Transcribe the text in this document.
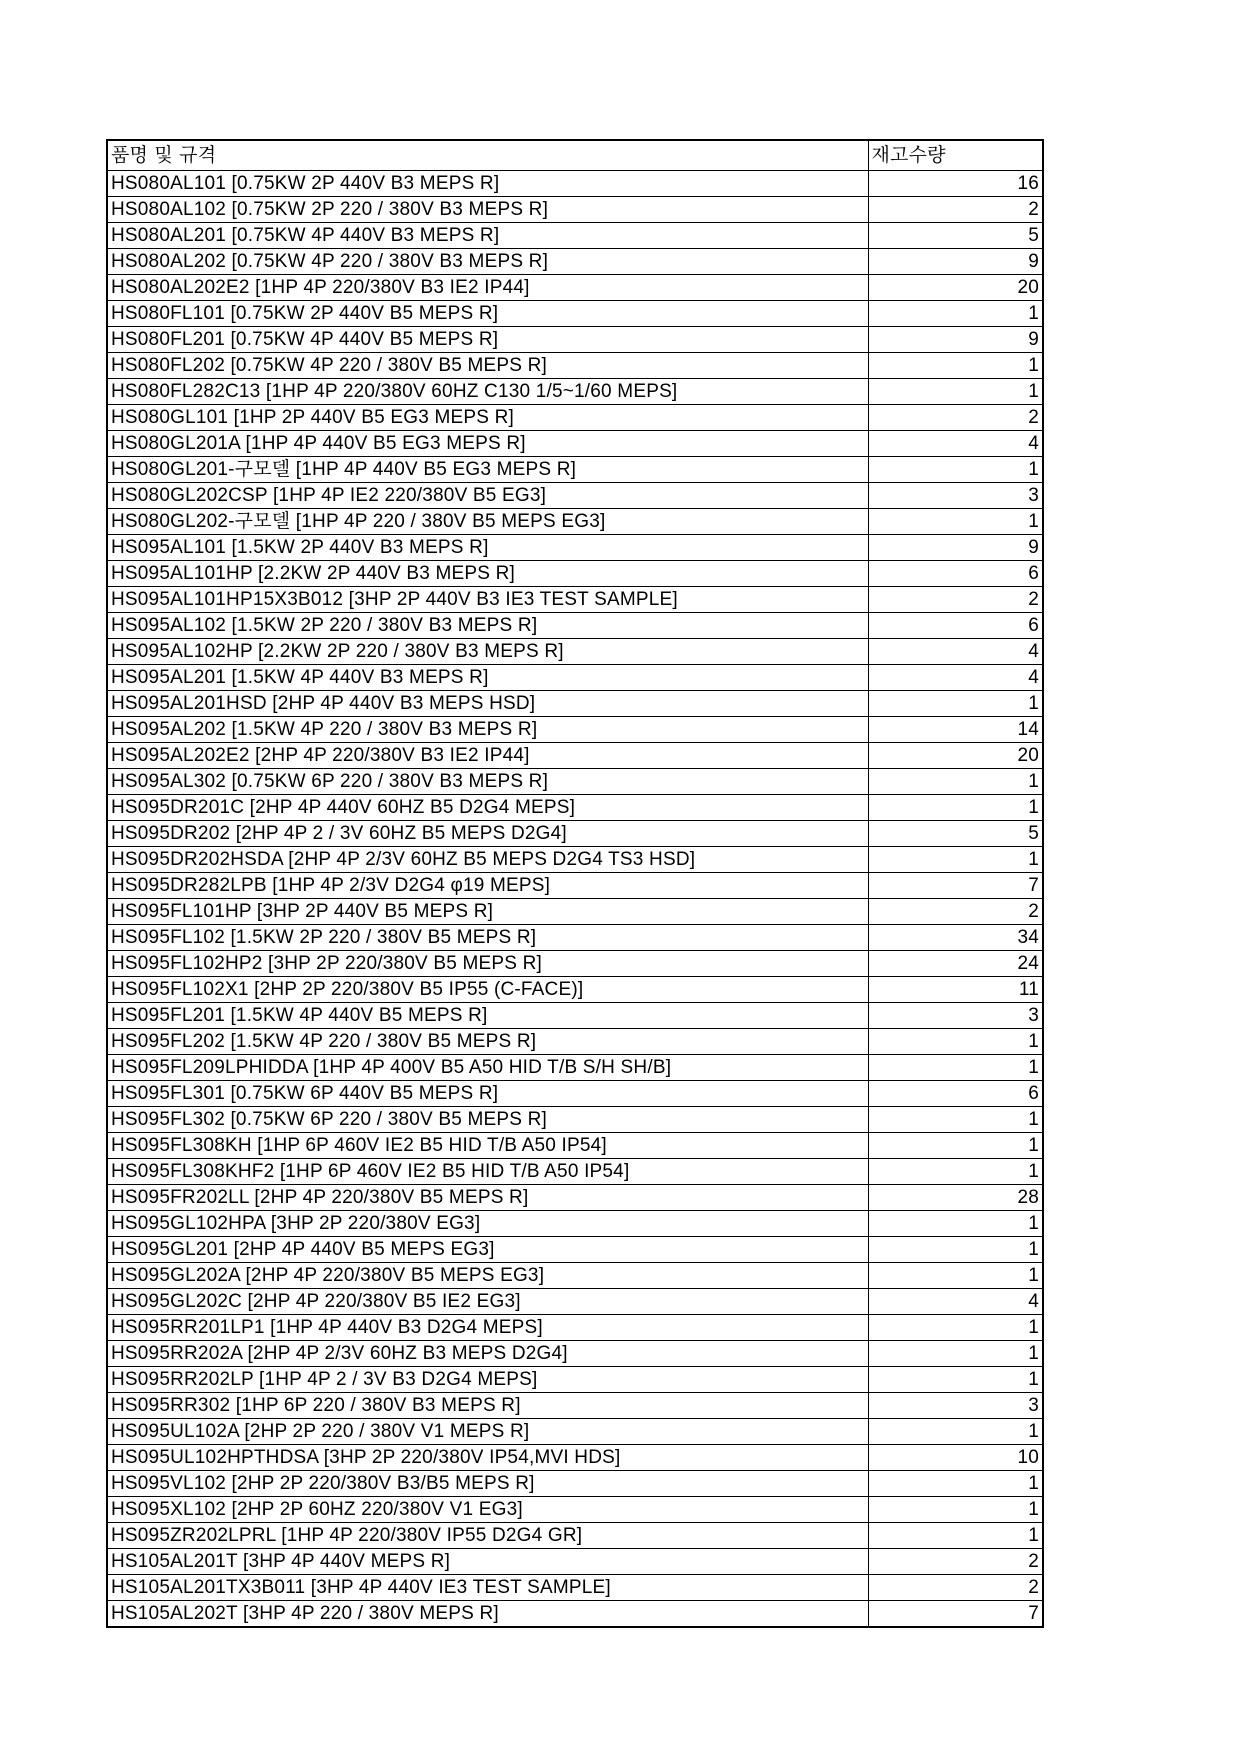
품명 및 규격	재고수량
HS080AL101 [0.75KW 2P 440V B3 MEPS R]	16
HS080AL102 [0.75KW 2P 220 / 380V B3 MEPS R]	2
HS080AL201 [0.75KW 4P 440V B3 MEPS R]	5
HS080AL202 [0.75KW 4P 220 / 380V B3 MEPS R]	9
HS080AL202E2 [1HP 4P 220/380V B3 IE2 IP44]	20
HS080FL101 [0.75KW 2P 440V B5 MEPS R]	1
HS080FL201 [0.75KW 4P 440V B5 MEPS R]	9
HS080FL202 [0.75KW 4P 220 / 380V B5 MEPS R]	1
HS080FL282C13 [1HP 4P 220/380V 60HZ C130 1/5~1/60 MEPS]	1
HS080GL101 [1HP 2P 440V B5 EG3 MEPS R]	2
HS080GL201A [1HP 4P 440V B5 EG3 MEPS R]	4
HS080GL201-구모델 [1HP 4P 440V B5 EG3 MEPS R]	1
HS080GL202CSP [1HP 4P IE2 220/380V B5 EG3]	3
HS080GL202-구모델 [1HP 4P 220 / 380V B5 MEPS EG3]	1
HS095AL101 [1.5KW 2P 440V B3 MEPS R]	9
HS095AL101HP [2.2KW 2P 440V B3 MEPS R]	6
HS095AL101HP15X3B012 [3HP 2P 440V B3 IE3 TEST SAMPLE]	2
HS095AL102 [1.5KW 2P 220 / 380V B3 MEPS R]	6
HS095AL102HP [2.2KW 2P 220 / 380V B3 MEPS R]	4
HS095AL201 [1.5KW 4P 440V B3 MEPS R]	4
HS095AL201HSD [2HP 4P 440V B3 MEPS HSD]	1
HS095AL202 [1.5KW 4P 220 / 380V B3 MEPS R]	14
HS095AL202E2 [2HP 4P 220/380V B3 IE2 IP44]	20
HS095AL302 [0.75KW 6P 220 / 380V B3 MEPS R]	1
HS095DR201C [2HP 4P 440V 60HZ B5 D2G4 MEPS]	1
HS095DR202 [2HP 4P 2 / 3V 60HZ B5 MEPS D2G4]	5
HS095DR202HSDA [2HP 4P 2/3V 60HZ B5 MEPS D2G4 TS3 HSD]	1
HS095DR282LPB [1HP 4P 2/3V D2G4 φ19 MEPS]	7
HS095FL101HP [3HP 2P 440V B5 MEPS R]	2
HS095FL102 [1.5KW 2P 220 / 380V B5 MEPS R]	34
HS095FL102HP2 [3HP 2P 220/380V B5 MEPS R]	24
HS095FL102X1 [2HP 2P 220/380V B5 IP55 (C-FACE)]	11
HS095FL201 [1.5KW 4P 440V B5 MEPS R]	3
HS095FL202 [1.5KW 4P 220 / 380V B5 MEPS R]	1
HS095FL209LPHIDDA [1HP 4P 400V B5 A50 HID T/B S/H SH/B]	1
HS095FL301 [0.75KW 6P 440V B5 MEPS R]	6
HS095FL302 [0.75KW 6P 220 / 380V B5 MEPS R]	1
HS095FL308KH [1HP 6P 460V IE2 B5 HID T/B A50 IP54]	1
HS095FL308KHF2 [1HP 6P 460V IE2 B5 HID T/B A50 IP54]	1
HS095FR202LL [2HP 4P 220/380V B5 MEPS R]	28
HS095GL102HPA [3HP 2P 220/380V EG3]	1
HS095GL201 [2HP 4P 440V B5 MEPS EG3]	1
HS095GL202A [2HP 4P 220/380V B5 MEPS EG3]	1
HS095GL202C [2HP 4P 220/380V B5 IE2 EG3]	4
HS095RR201LP1 [1HP 4P 440V B3 D2G4 MEPS]	1
HS095RR202A [2HP 4P 2/3V 60HZ B3 MEPS D2G4]	1
HS095RR202LP [1HP 4P 2 / 3V B3 D2G4 MEPS]	1
HS095RR302 [1HP 6P 220 / 380V B3 MEPS R]	3
HS095UL102A [2HP 2P 220 / 380V V1 MEPS R]	1
HS095UL102HPTHDSA [3HP 2P 220/380V IP54,MVI HDS]	10
HS095VL102 [2HP 2P 220/380V B3/B5 MEPS R]	1
HS095XL102 [2HP 2P 60HZ 220/380V V1 EG3]	1
HS095ZR202LPRL [1HP 4P 220/380V IP55 D2G4 GR]	1
HS105AL201T [3HP 4P 440V MEPS R]	2
HS105AL201TX3B011 [3HP 4P 440V IE3 TEST SAMPLE]	2
HS105AL202T [3HP 4P 220 / 380V MEPS R]	7
